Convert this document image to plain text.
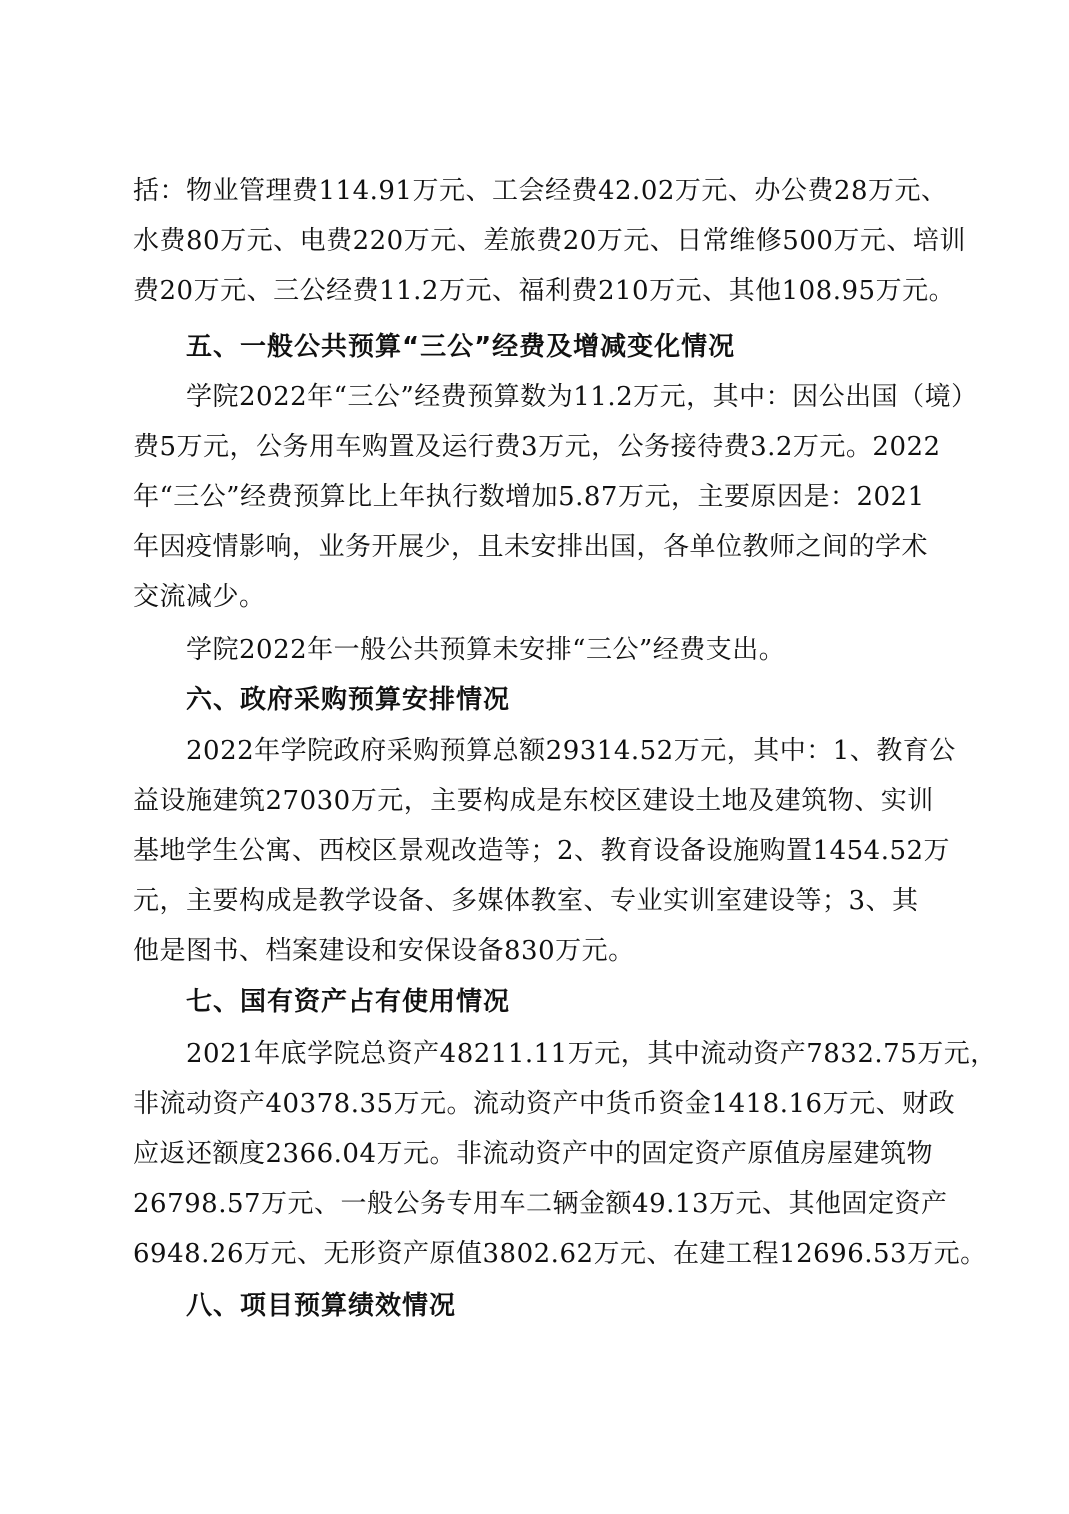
括：物业管理费114.91万元、工会经费42.02万元、办公费28万元、
水费80万元、电费220万元、差旅费20万元、日常维修500万元、培训
费20万元、三公经费11.2万元、福利费210万元、其他108.95万元。
五、一般公共预算“三公”经费及增减变化情况
学院2022年“三公”经费预算数为11.2万元，其中：因公出国（境）
费5万元，公务用车购置及运行费3万元，公务接待费3.2万元。2022
年“三公”经费预算比上年执行数增加5.87万元，主要原因是：2021
年因疫情影响，业务开展少，且未安排出国，各单位教师之间的学术
交流减少。
学院2022年一般公共预算未安排“三公”经费支出。
六、政府采购预算安排情况
2022年学院政府采购预算总额29314.52万元，其中：1、教育公
益设施建筑27030万元，主要构成是东校区建设土地及建筑物、实训
基地学生公寓、西校区景观改造等；2、教育设备设施购置1454.52万
元，主要构成是教学设备、多媒体教室、专业实训室建设等；3、其
他是图书、档案建设和安保设备830万元。
七、国有资产占有使用情况
2021年底学院总资产48211.11万元，其中流动资产7832.75万元，
非流动资产40378.35万元。流动资产中货币资金1418.16万元、财政
应返还额度2366.04万元。非流动资产中的固定资产原值房屋建筑物
26798.57万元、一般公务专用车二辆金额49.13万元、其他固定资产
6948.26万元、无形资产原值3802.62万元、在建工程12696.53万元。
八、项目预算绩效情况
